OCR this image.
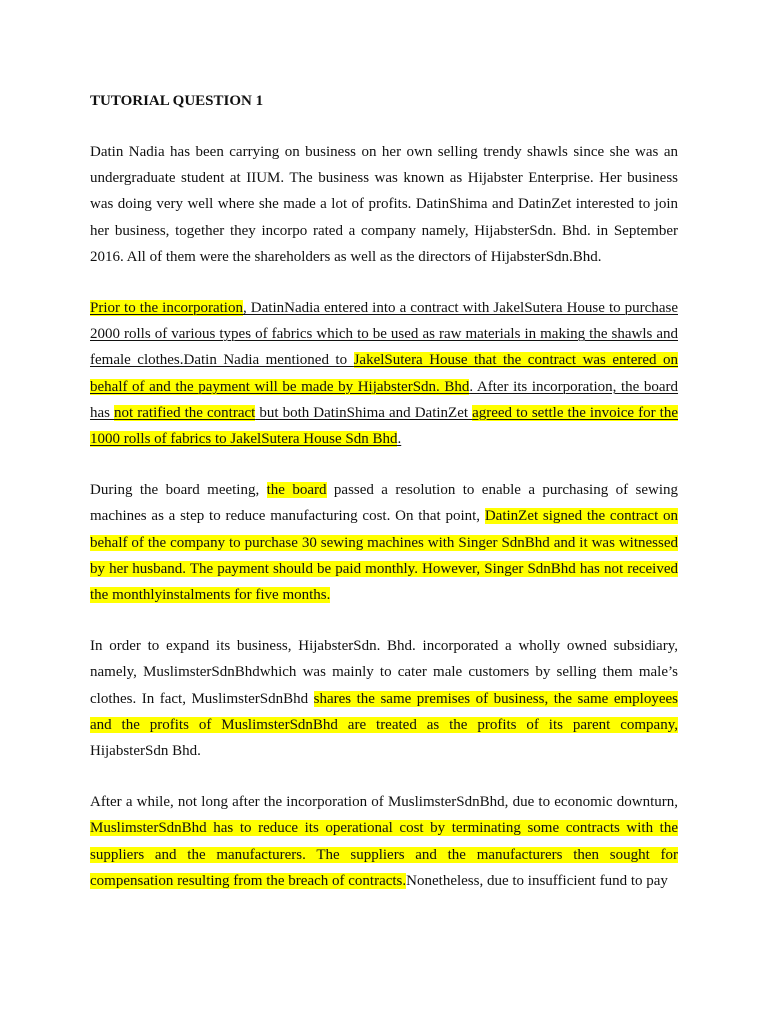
TUTORIAL QUESTION 1

Datin Nadia has been carrying on business on her own selling trendy shawls since she was an undergraduate student at IIUM. The business was known as Hijabster Enterprise. Her business was doing very well where she made a lot of profits. DatinShima and DatinZet interested to join her business, together they incorpo rated a company namely, HijabsterSdn. Bhd. in September 2016. All of them were the shareholders as well as the directors of HijabsterSdn.Bhd.

Prior to the incorporation, DatinNadia entered into a contract with JakelSutera House to purchase 2000 rolls of various types of fabrics which to be used as raw materials in making the shawls and female clothes.Datin Nadia mentioned to JakelSutera House that the contract was entered on behalf of and the payment will be made by HijabsterSdn. Bhd. After its incorporation, the board has not ratified the contract but both DatinShima and DatinZet agreed to settle the invoice for the 1000 rolls of fabrics to JakelSutera House Sdn Bhd.

During the board meeting, the board passed a resolution to enable a purchasing of sewing machines as a step to reduce manufacturing cost. On that point, DatinZet signed the contract on behalf of the company to purchase 30 sewing machines with Singer SdnBhd and it was witnessed by her husband. The payment should be paid monthly. However, Singer SdnBhd has not received the monthlyinstalments for five months.

In order to expand its business, HijabsterSdn. Bhd. incorporated a wholly owned subsidiary, namely, MuslimsterSdnBhdwhich was mainly to cater male customers by selling them male’s clothes. In fact, MuslimsterSdnBhd shares the same premises of business, the same employees and the profits of MuslimsterSdnBhd are treated as the profits of its parent company, HijabsterSdn Bhd.

After a while, not long after the incorporation of MuslimsterSdnBhd, due to economic downturn, MuslimsterSdnBhd has to reduce its operational cost by terminating some contracts with the suppliers and the manufacturers. The suppliers and the manufacturers then sought for compensation resulting from the breach of contracts.Nonetheless, due to insufficient fund to pay
